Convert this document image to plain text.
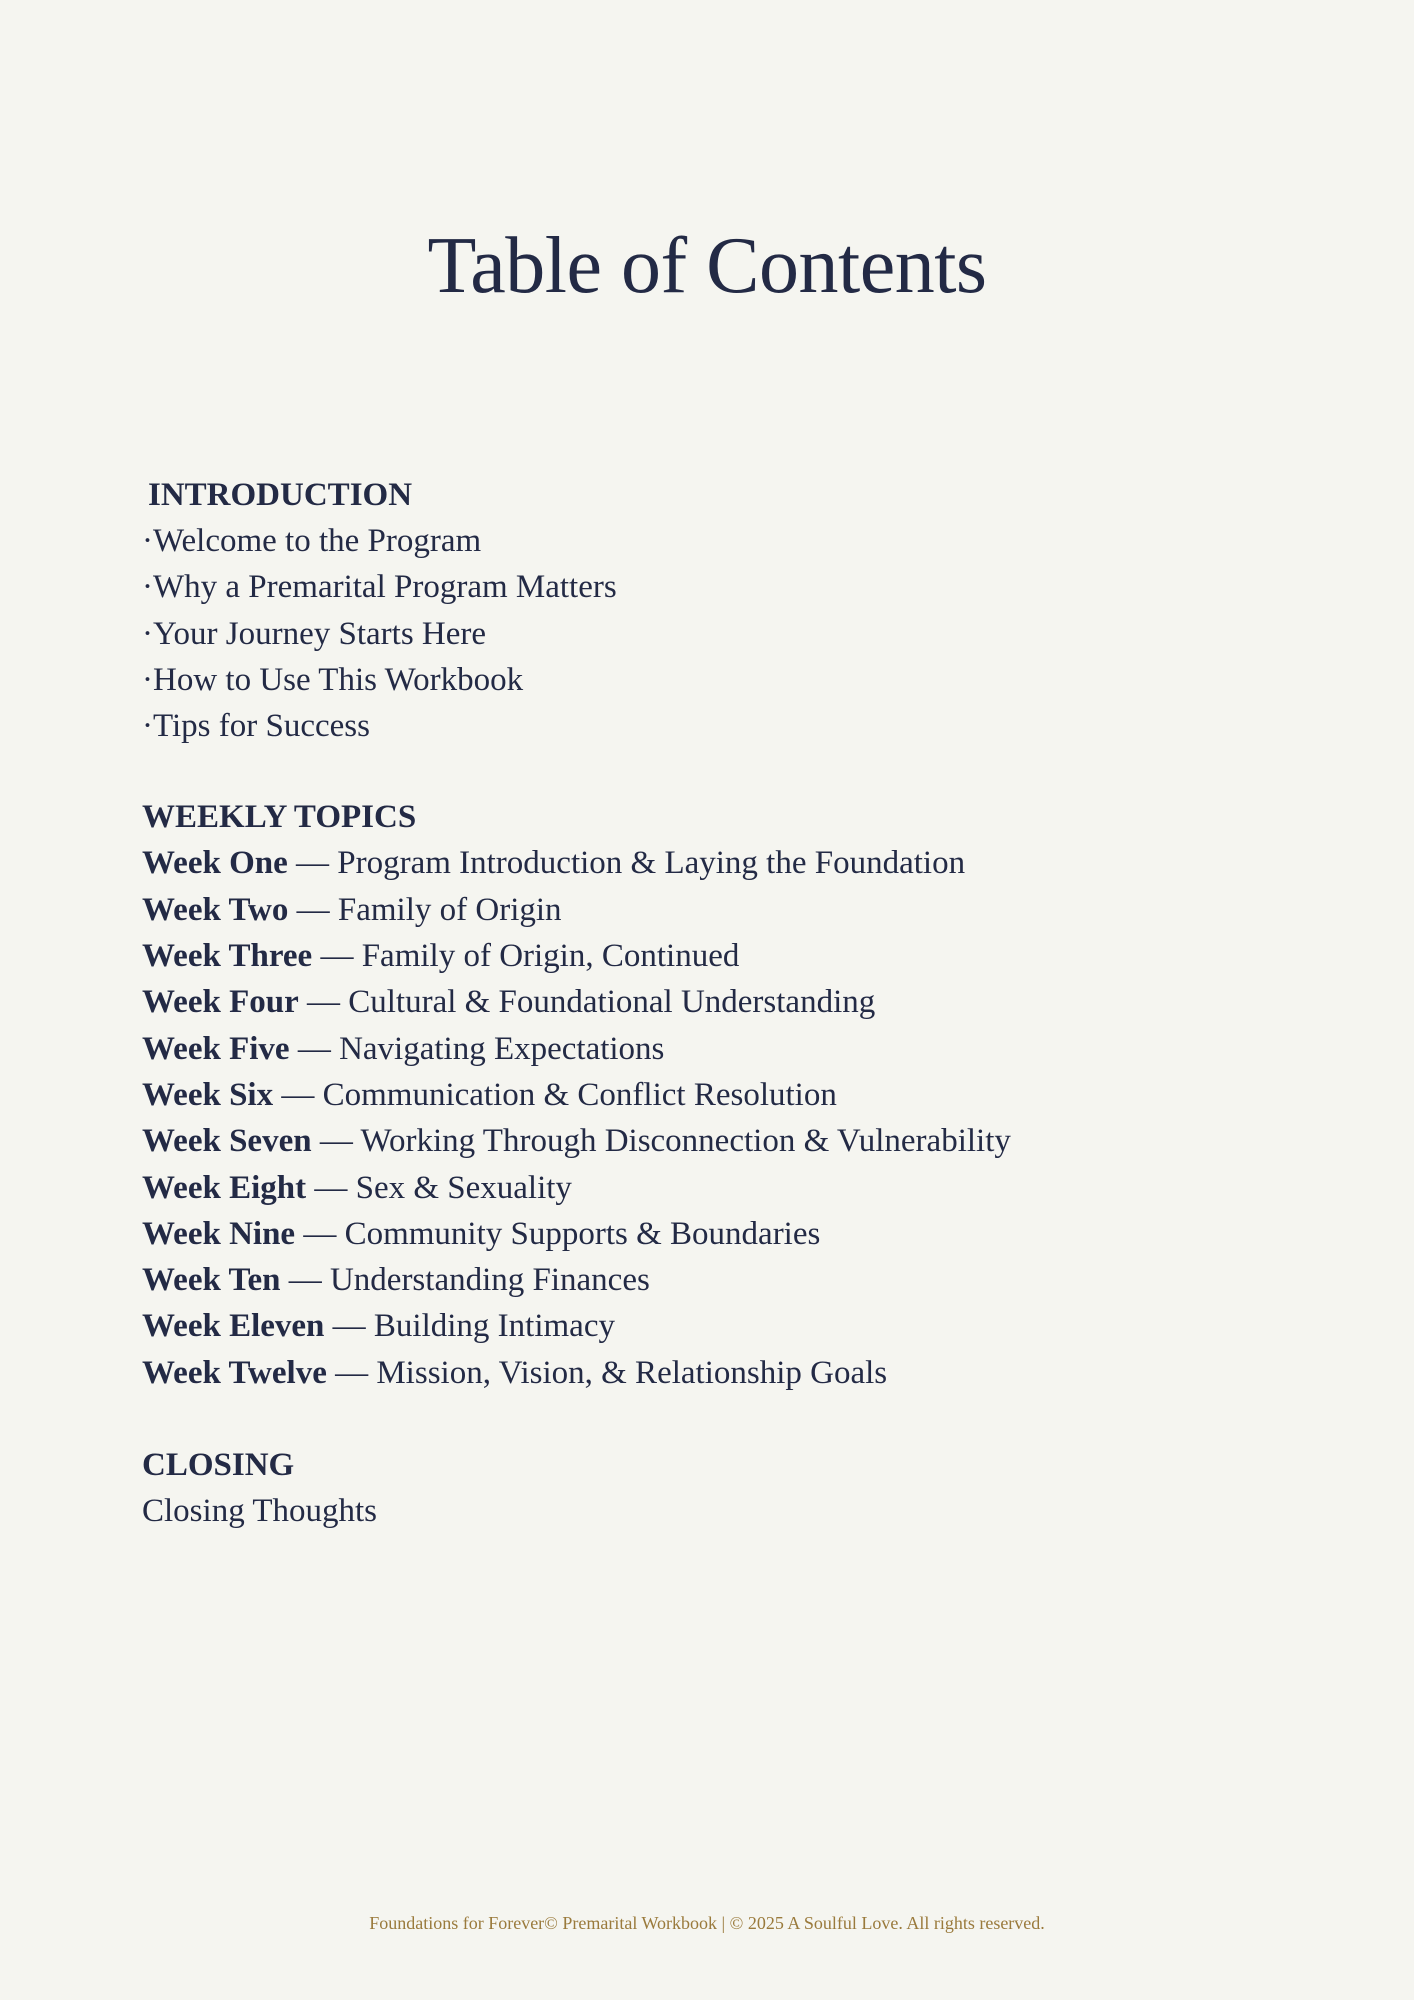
Table of Contents
INTRODUCTION
·Welcome to the Program
·Why a Premarital Program Matters
·Your Journey Starts Here
·How to Use This Workbook
·Tips for Success
WEEKLY TOPICS
Week One — Program Introduction & Laying the Foundation
Week Two — Family of Origin
Week Three — Family of Origin, Continued
Week Four — Cultural & Foundational Understanding
Week Five — Navigating Expectations
Week Six — Communication & Conflict Resolution
Week Seven — Working Through Disconnection & Vulnerability
Week Eight — Sex & Sexuality
Week Nine — Community Supports & Boundaries
Week Ten — Understanding Finances
Week Eleven — Building Intimacy
Week Twelve — Mission, Vision, & Relationship Goals
CLOSING
Closing Thoughts
Foundations for Forever© Premarital Workbook | © 2025 A Soulful Love. All rights reserved.
